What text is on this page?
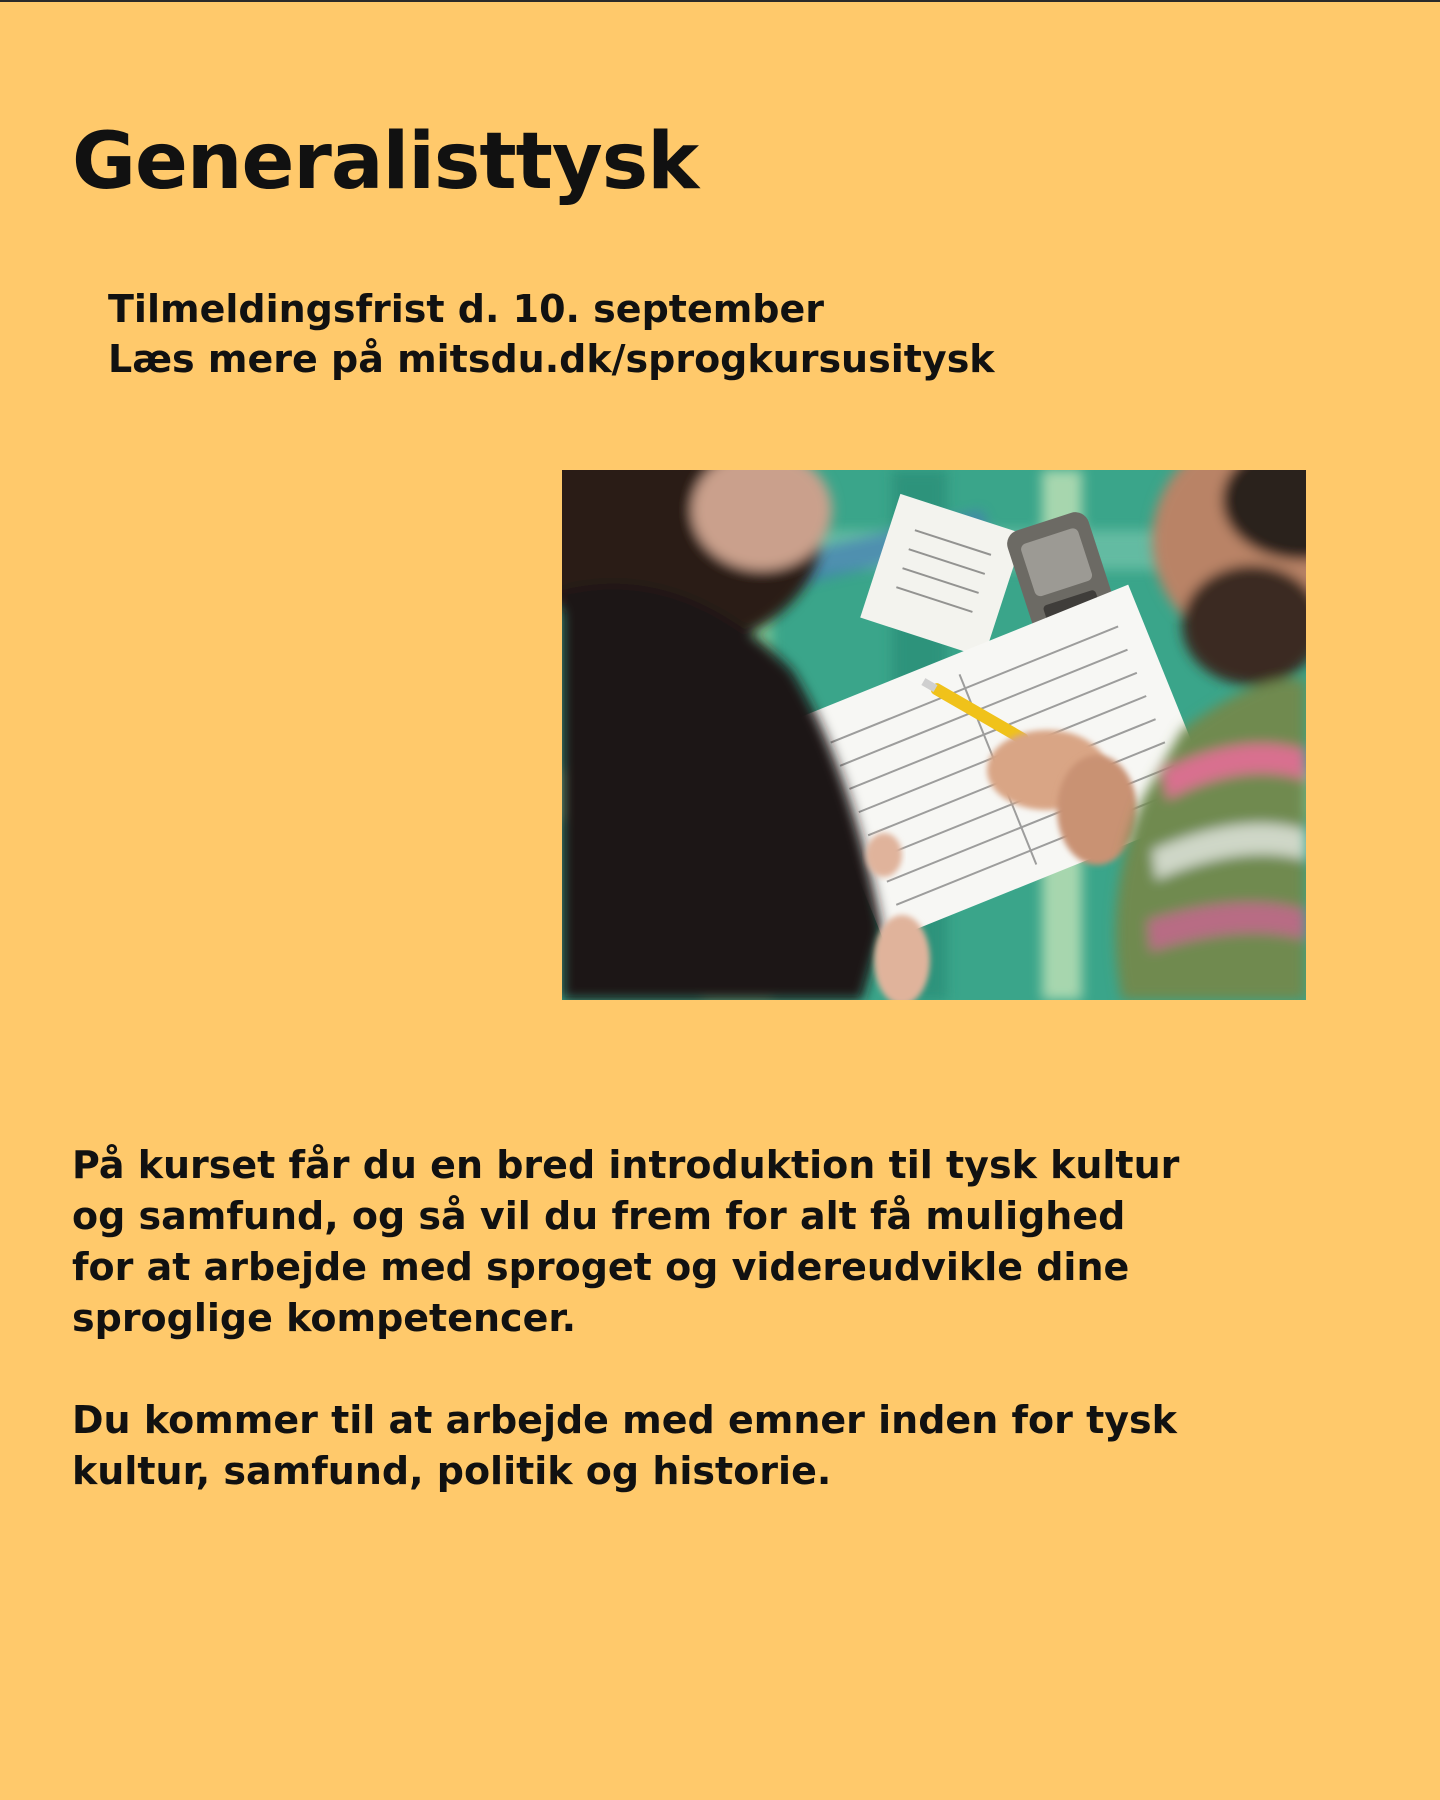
Generalisttysk
Tilmeldingsfrist d. 10. september
Læs mere på mitsdu.dk/sprogkursusitysk

På kurset får du en bred introduktion til tysk kultur og samfund, og så vil du frem for alt få mulighed for at arbejde med sproget og videreudvikle dine sproglige kompetencer.

Du kommer til at arbejde med emner inden for tysk kultur, samfund, politik og historie.
